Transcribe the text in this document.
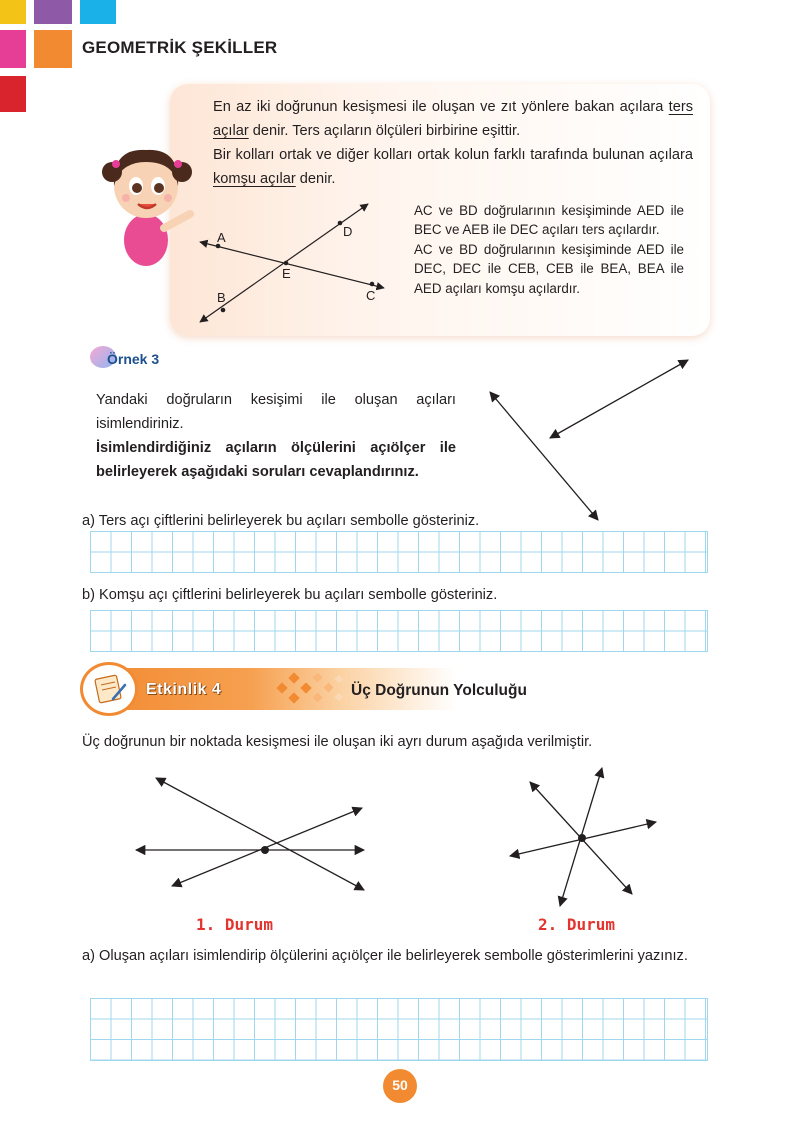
GEOMETRİK ŞEKİLLER

En az iki doğrunun kesişmesi ile oluşan ve zıt yönlere bakan açılara ters açılar denir. Ters açıların ölçüleri birbirine eşittir.

Bir kolları ortak ve diğer kolları ortak kolun farklı tarafında bulunan açılara komşu açılar denir.

A	D
E
B	C

AC ve BD doğrularının kesişiminde AED ile BEC ve AEB ile DEC açıları ters açılardır.

AC ve BD doğrularının kesişiminde AED ile DEC, DEC ile CEB, CEB ile BEA, BEA ile AED açıları komşu açılardır.

Örnek 3

Yandaki doğruların kesişimi ile oluşan açıları isimlendiriniz.

İsimlendirdiğiniz açıların ölçülerini açıölçer ile belirleyerek aşağıdaki soruları cevaplandırınız.

a) Ters açı çiftlerini belirleyerek bu açıları sembolle gösteriniz.
b) Komşu açı çiftlerini belirleyerek bu açıları sembolle gösteriniz.
Etkinlik 4	Üç Doğrunun Yolculuğu
Üç doğrunun bir noktada kesişmesi ile oluşan iki ayrı durum aşağıda verilmiştir.
1. Durum	2. Durum
a) Oluşan açıları isimlendirip ölçülerini açıölçer ile belirleyerek sembolle gösterimlerini yazınız.
50
